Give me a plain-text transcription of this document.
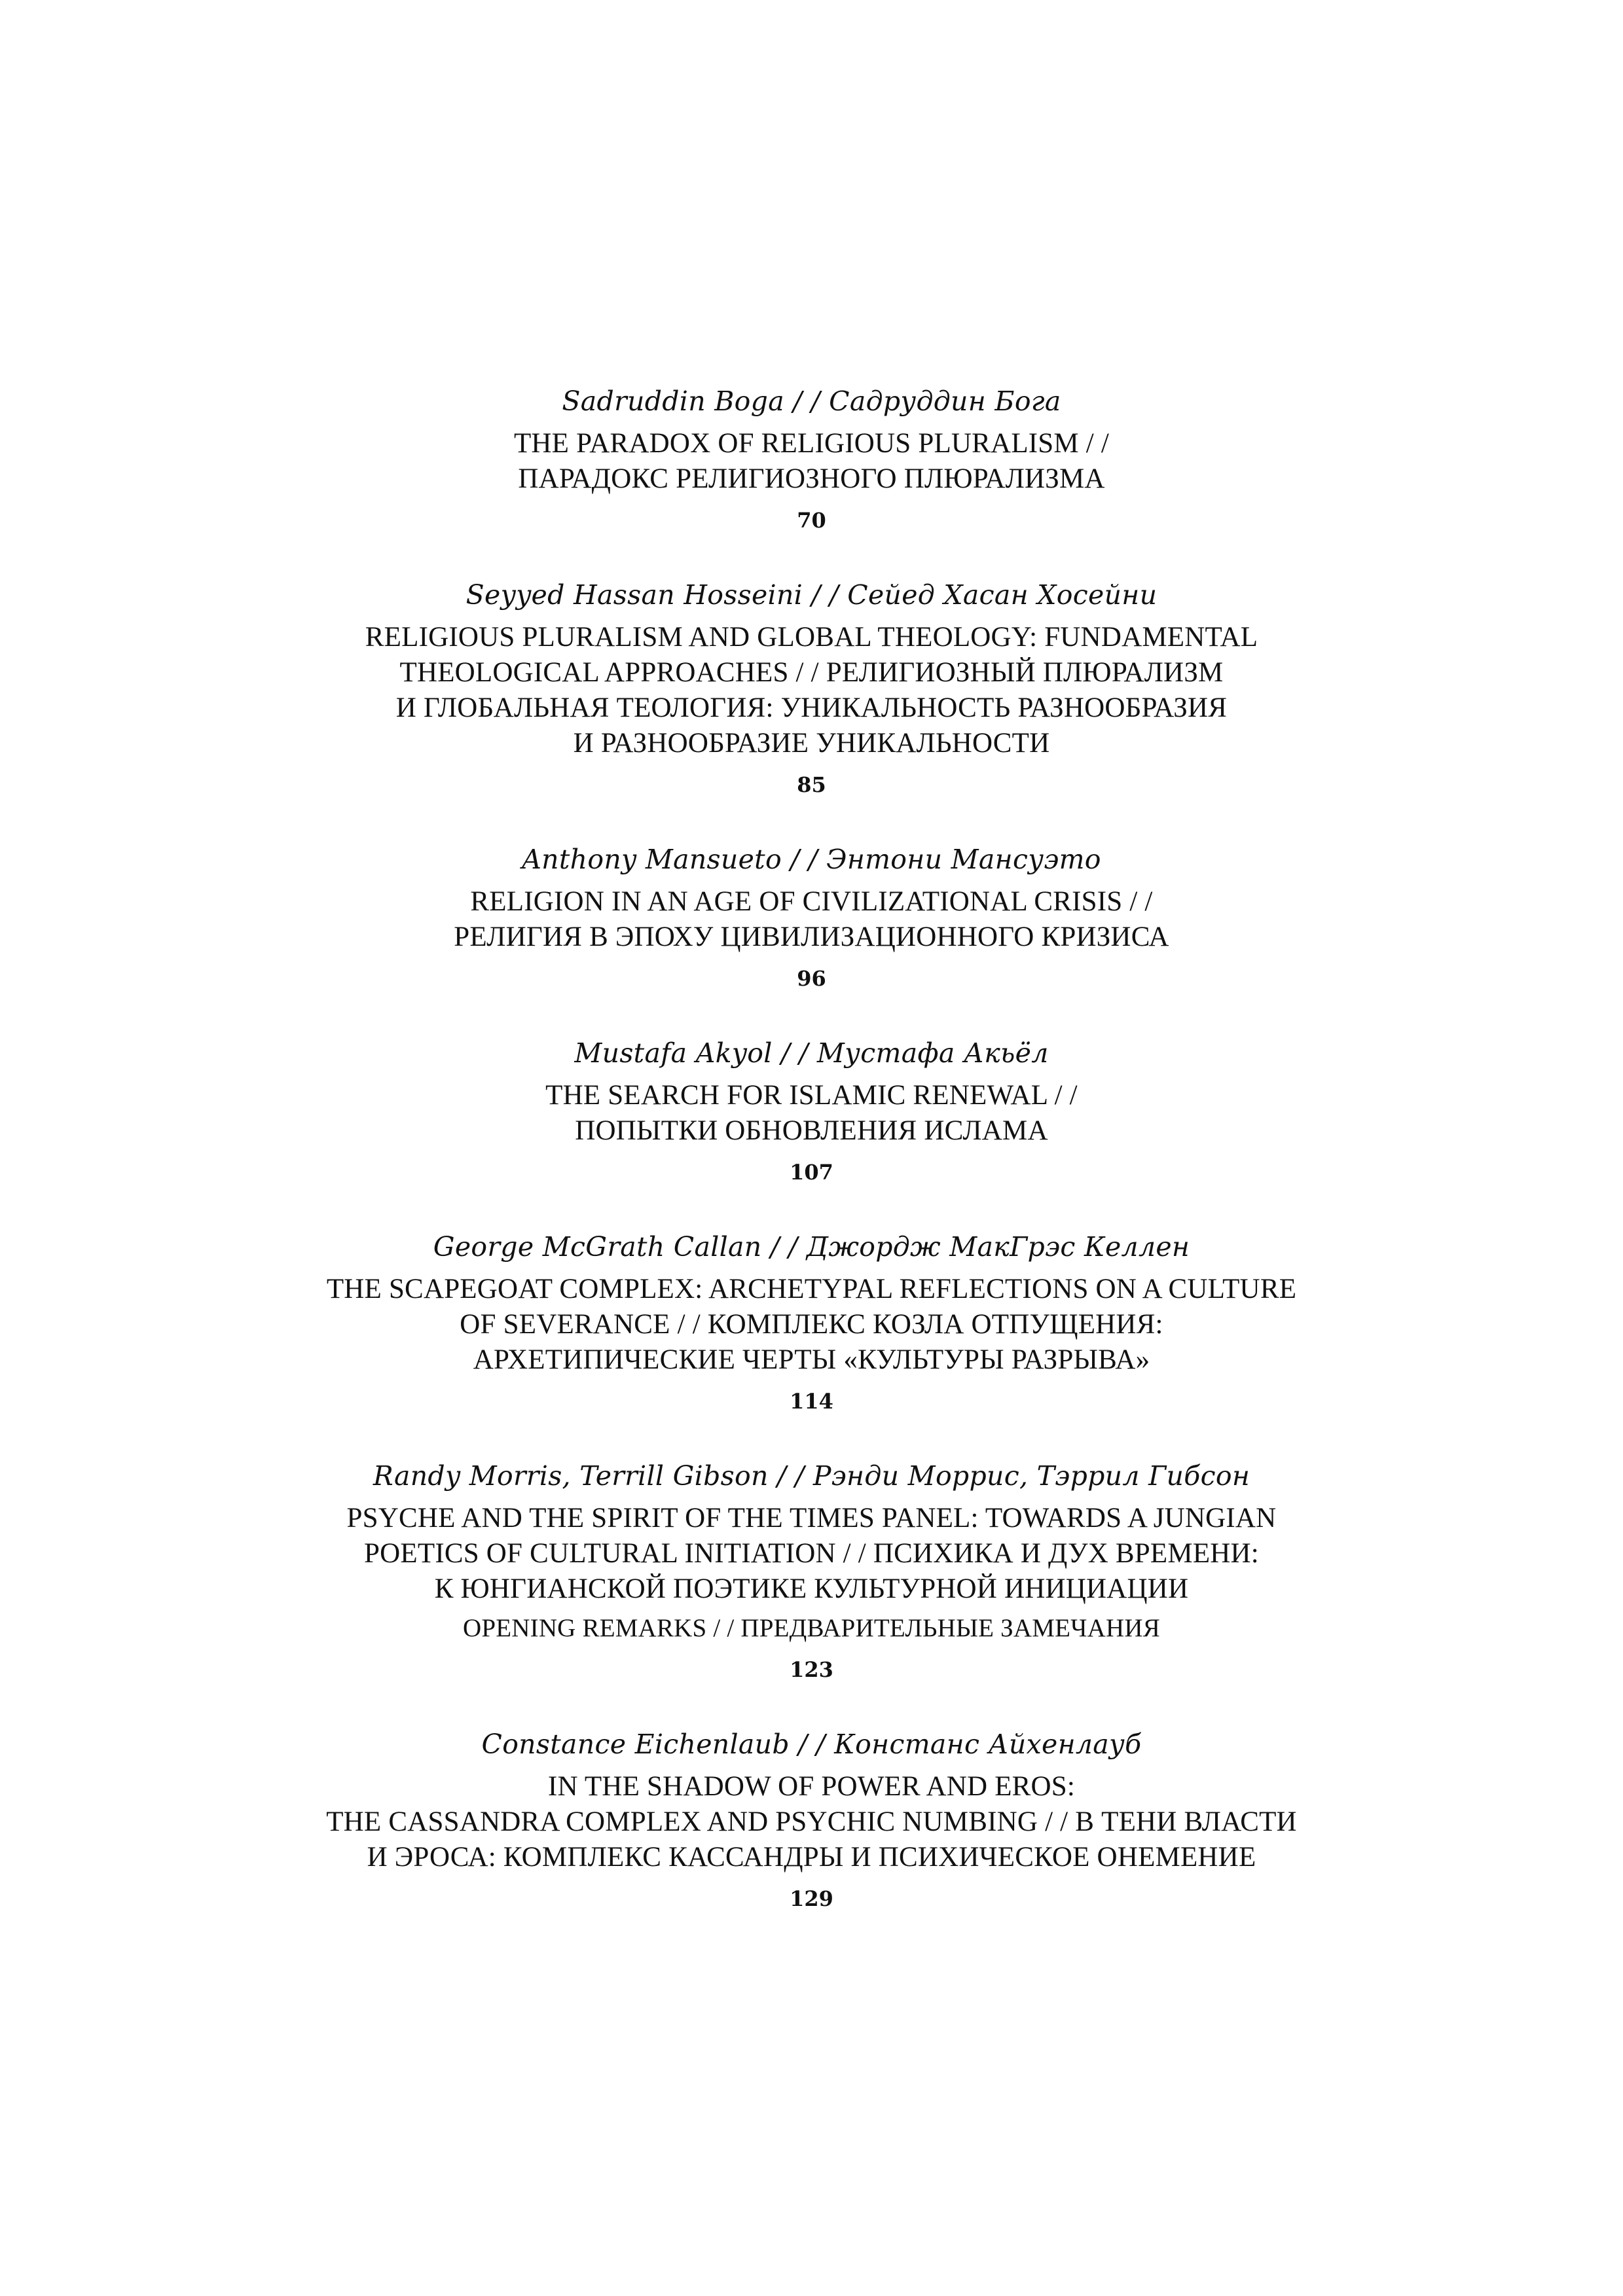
Sadruddin Boga / / Садруддин Бога

THE PARADOX OF RELIGIOUS PLURALISM / /
ПАРАДОКС РЕЛИГИОЗНОГО ПЛЮРАЛИЗМА

70

Seyyed Hassan Hosseini / / Сейед Хасан Хосейни

RELIGIOUS PLURALISM AND GLOBAL THEOLOGY: FUNDAMENTAL
THEOLOGICAL APPROACHES / / РЕЛИГИОЗНЫЙ ПЛЮРАЛИЗМ
И ГЛОБАЛЬНАЯ ТЕОЛОГИЯ: УНИКАЛЬНОСТЬ РАЗНООБРАЗИЯ
И РАЗНООБРАЗИЕ УНИКАЛЬНОСТИ

85

Anthony Mansueto / / Энтони Мансуэто

RELIGION IN AN AGE OF CIVILIZATIONAL CRISIS / /
РЕЛИГИЯ В ЭПОХУ ЦИВИЛИЗАЦИОННОГО КРИЗИСА

96

Mustafa Akyol / / Мустафа Акьёл

THE SEARCH FOR ISLAMIC RENEWAL / /
ПОПЫТКИ ОБНОВЛЕНИЯ ИСЛАМА

107

George McGrath Callan / / Джордж МакГрэс Келлен

THE SCAPEGOAT COMPLEX: ARCHETYPAL REFLECTIONS ON A CULTURE
OF SEVERANCE / / КОМПЛЕКС КОЗЛА ОТПУЩЕНИЯ:
АРХЕТИПИЧЕСКИЕ ЧЕРТЫ «КУЛЬТУРЫ РАЗРЫВА»

114

Randy Morris, Terrill Gibson / / Рэнди Моррис, Тэррил Гибсон

PSYCHE AND THE SPIRIT OF THE TIMES PANEL: TOWARDS A JUNGIAN
POETICS OF CULTURAL INITIATION / / ПСИХИКА И ДУХ ВРЕМЕНИ:
К ЮНГИАНСКОЙ ПОЭТИКЕ КУЛЬТУРНОЙ ИНИЦИАЦИИ

OPENING REMARKS / / ПРЕДВАРИТЕЛЬНЫЕ ЗАМЕЧАНИЯ

123

Constance Eichenlaub / / Констанс Айхенлауб

IN THE SHADOW OF POWER AND EROS:
THE CASSANDRA COMPLEX AND PSYCHIC NUMBING / / В ТЕНИ ВЛАСТИ
И ЭРОСА: КОМПЛЕКС КАССАНДРЫ И ПСИХИЧЕСКОЕ ОНЕМЕНИЕ

129
